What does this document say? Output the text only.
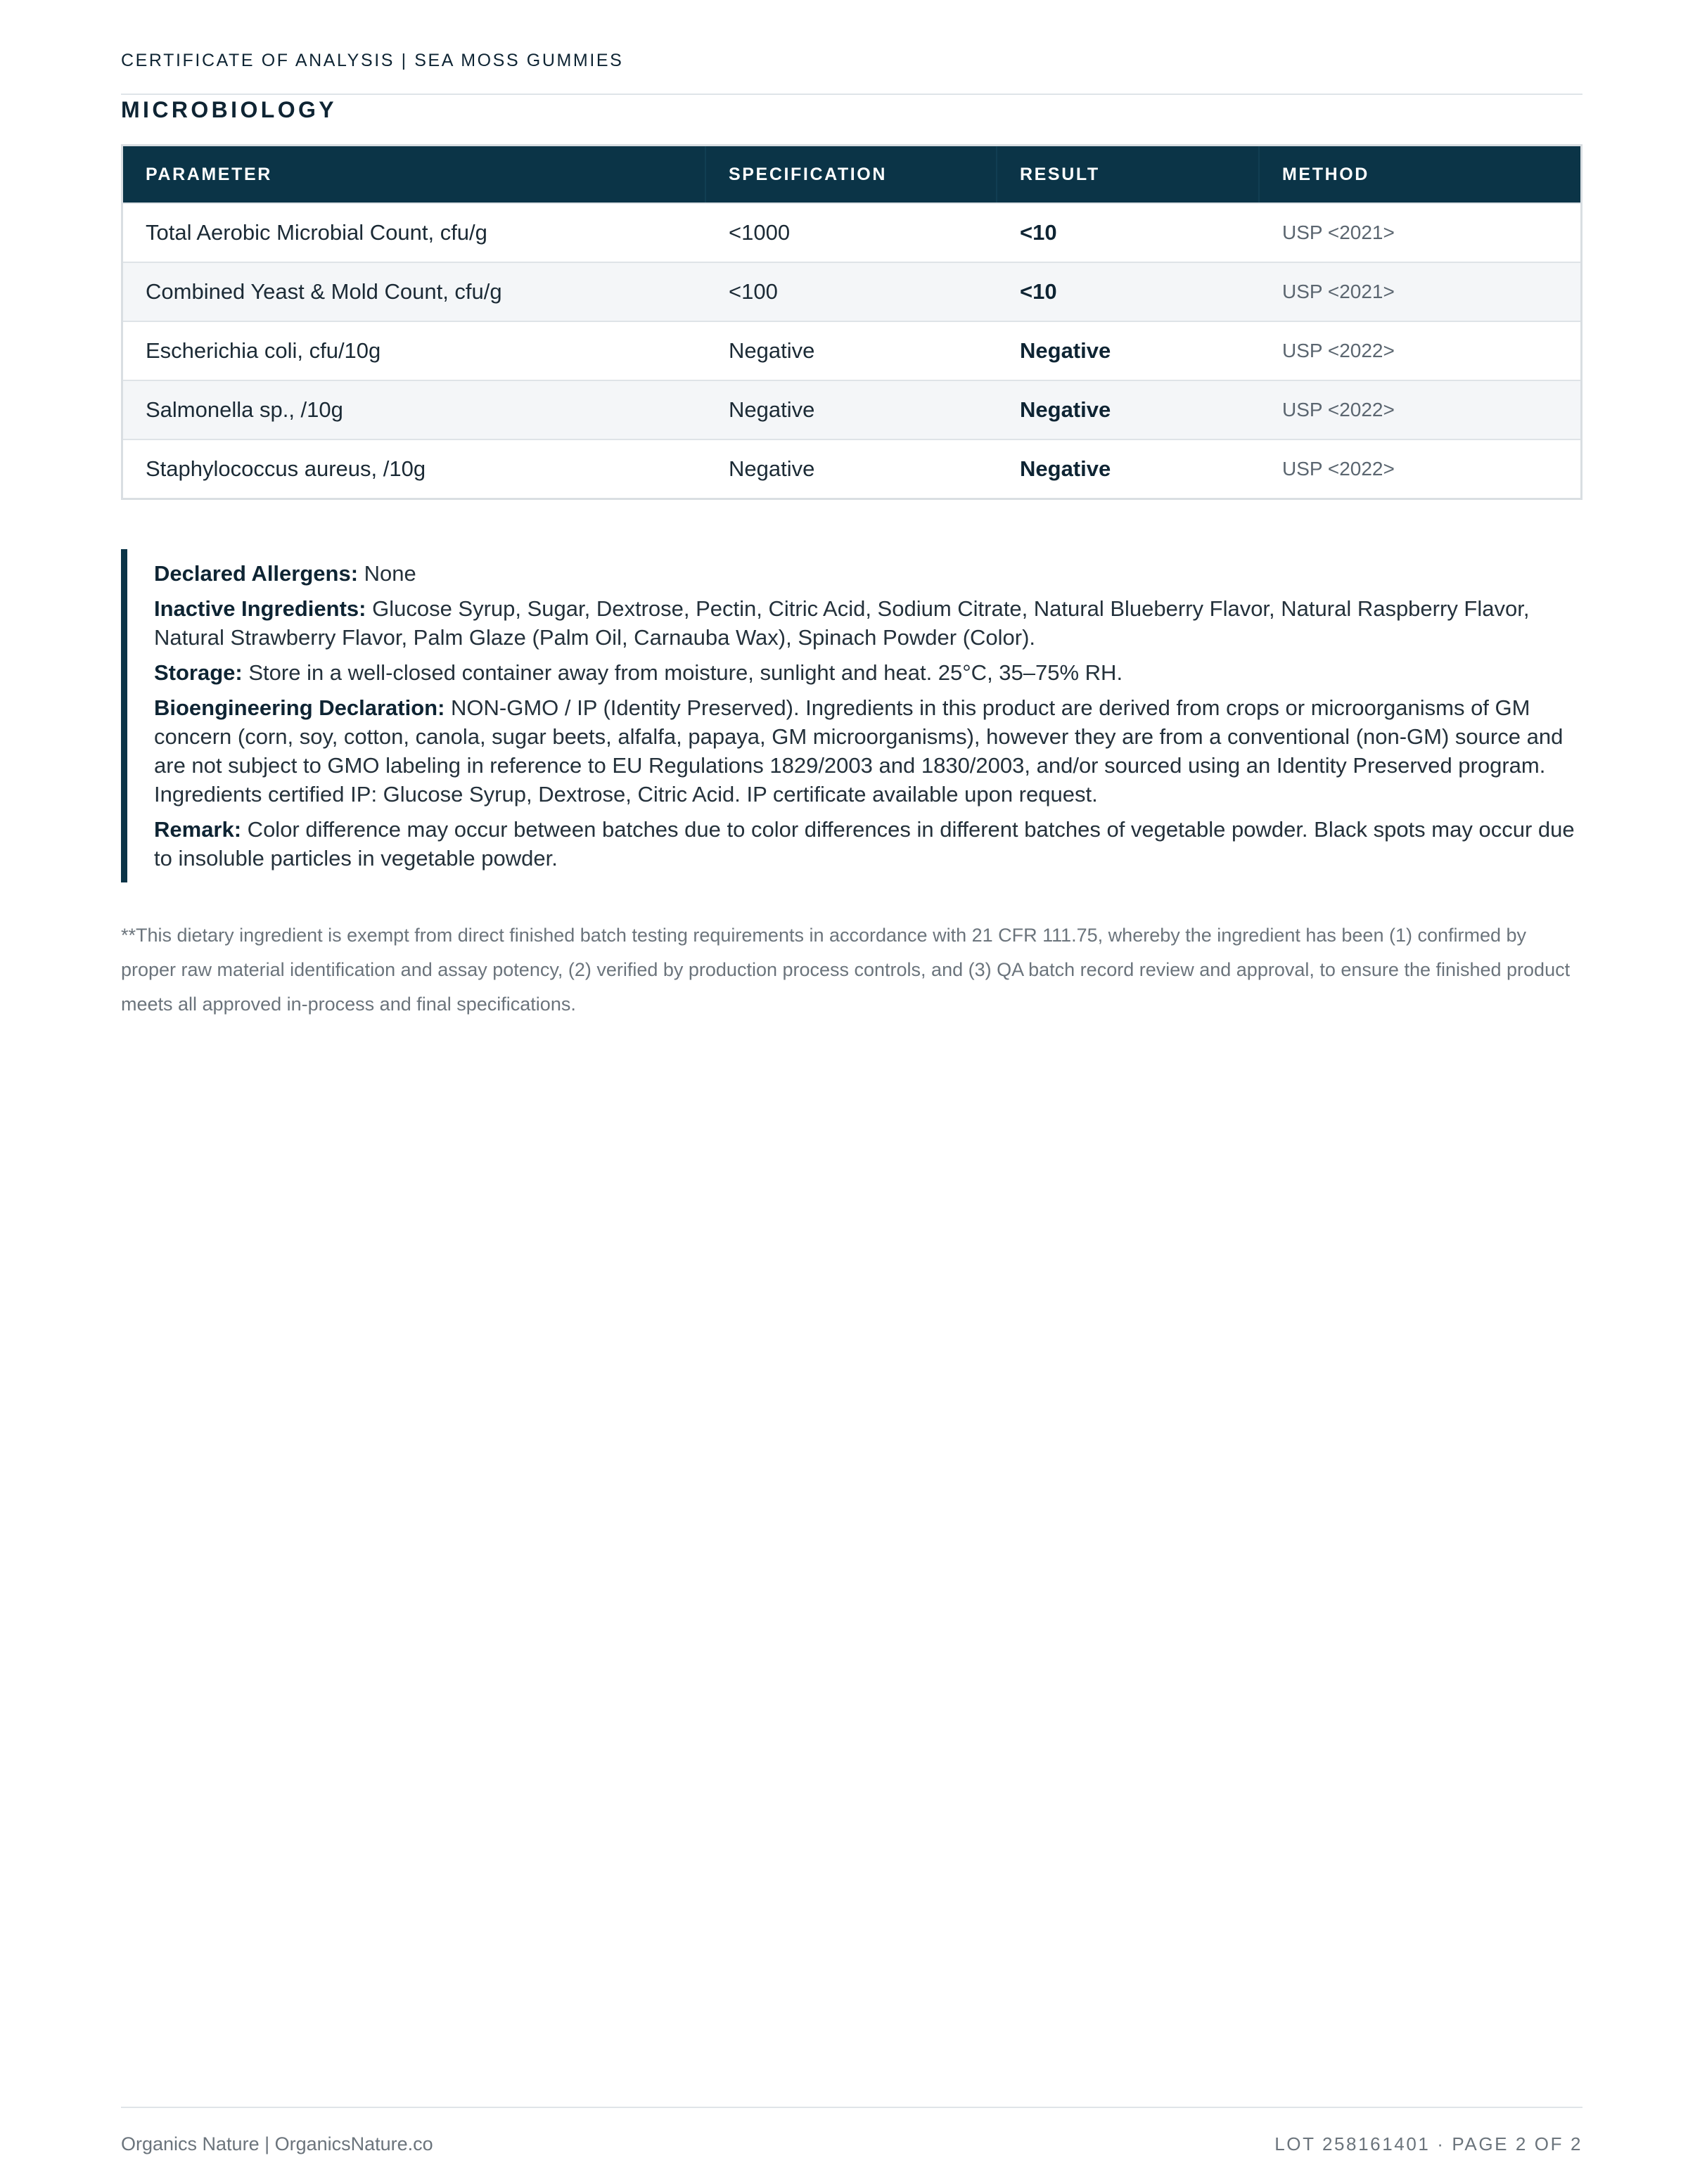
CERTIFICATE OF ANALYSIS | SEA MOSS GUMMIES
MICROBIOLOGY
PARAMETER	SPECIFICATION	RESULT	METHOD
Total Aerobic Microbial Count, cfu/g	<1000	<10	USP <2021>
Combined Yeast & Mold Count, cfu/g	<100	<10	USP <2021>
Escherichia coli, cfu/10g	Negative	Negative	USP <2022>
Salmonella sp., /10g	Negative	Negative	USP <2022>
Staphylococcus aureus, /10g	Negative	Negative	USP <2022>

Declared Allergens: None

Inactive Ingredients: Glucose Syrup, Sugar, Dextrose, Pectin, Citric Acid, Sodium Citrate, Natural Blueberry Flavor, Natural Raspberry Flavor, Natural Strawberry Flavor, Palm Glaze (Palm Oil, Carnauba Wax), Spinach Powder (Color).

Storage: Store in a well-closed container away from moisture, sunlight and heat. 25°C, 35–75% RH.

Bioengineering Declaration: NON-GMO / IP (Identity Preserved). Ingredients in this product are derived from crops or microorganisms of GM concern (corn, soy, cotton, canola, sugar beets, alfalfa, papaya, GM microorganisms), however they are from a conventional (non-GM) source and are not subject to GMO labeling in reference to EU Regulations 1829/2003 and 1830/2003, and/or sourced using an Identity Preserved program. Ingredients certified IP: Glucose Syrup, Dextrose, Citric Acid. IP certificate available upon request.

Remark: Color difference may occur between batches due to color differences in different batches of vegetable powder. Black spots may occur due to insoluble particles in vegetable powder.

**This dietary ingredient is exempt from direct finished batch testing requirements in accordance with 21 CFR 111.75, whereby the ingredient has been (1) confirmed by proper raw material identification and assay potency, (2) verified by production process controls, and (3) QA batch record review and approval, to ensure the finished product meets all approved in-process and final specifications.
Organics Nature | OrganicsNature.co	LOT 258161401 · PAGE 2 OF 2
